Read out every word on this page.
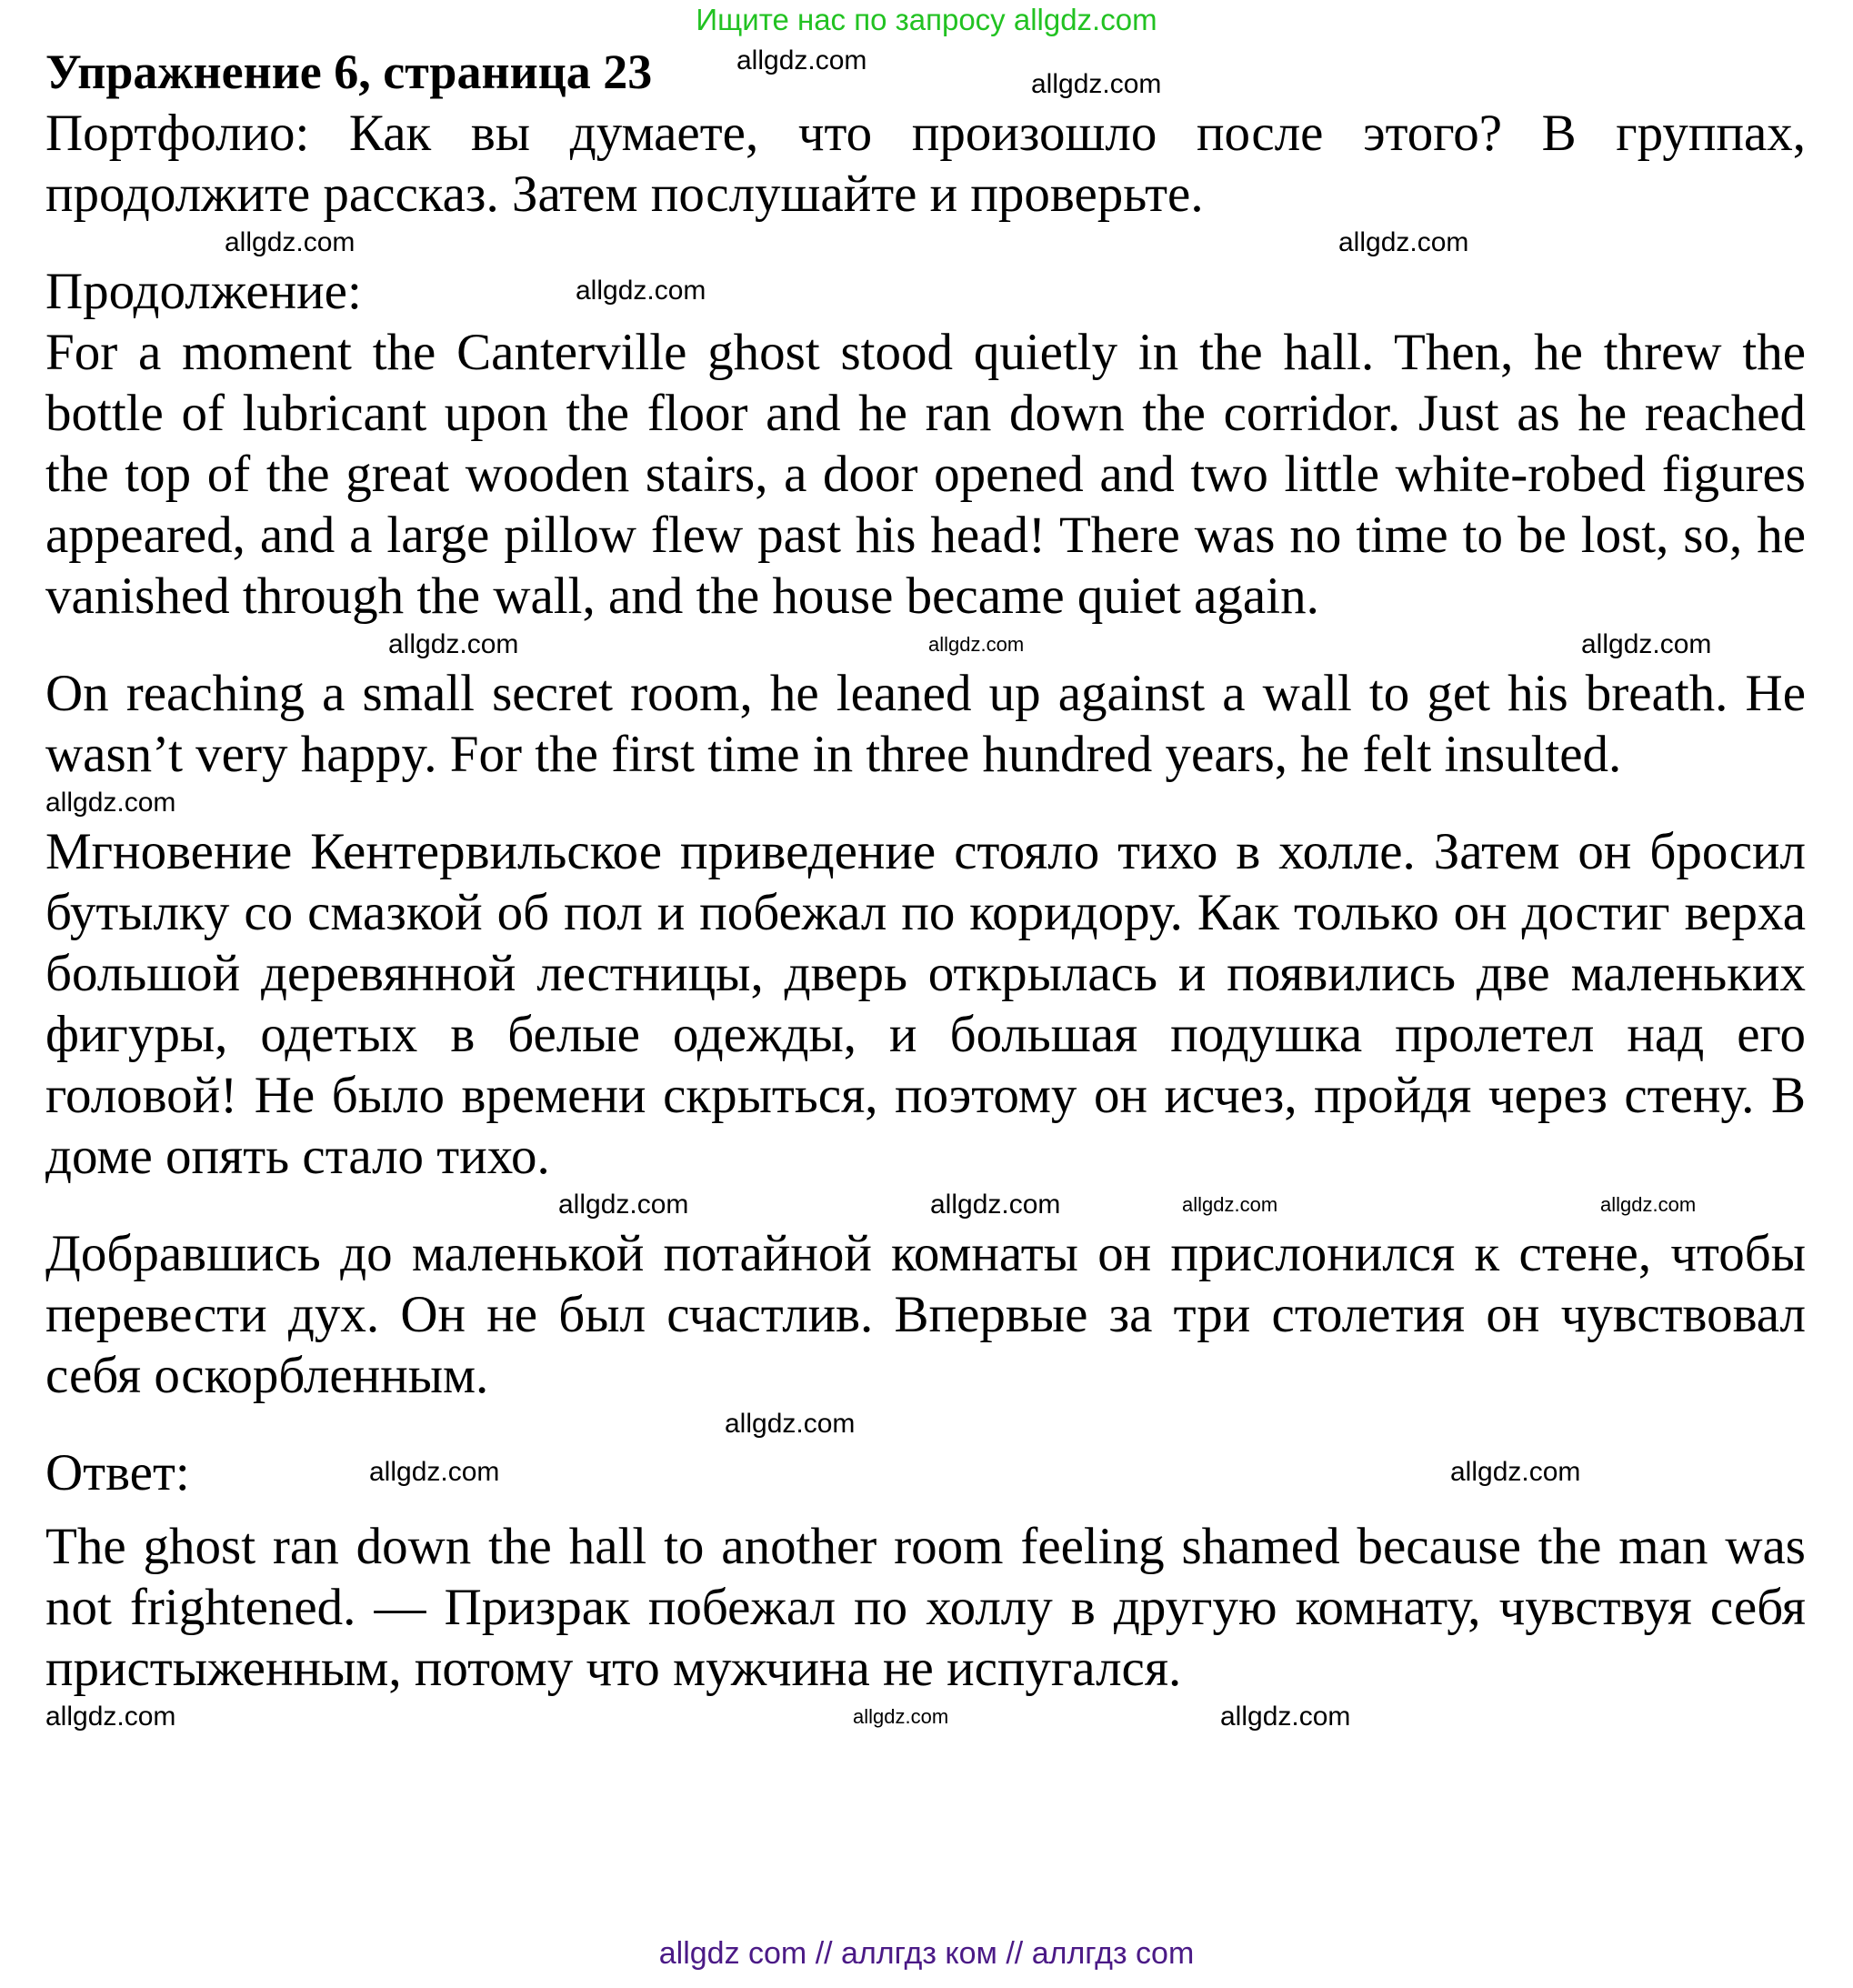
Ищите нас по запросу allgdz.com
Упражнение 6, страница 23	allgdz.com
allgdz.com

Портфолио: Как вы думаете, что произошло после этого? В группах, продолжите рассказ. Затем послушайте и проверьте.

allgdz.com	allgdz.com
Продолжение:	allgdz.com

For a moment the Canterville ghost stood quietly in the hall. Then, he threw the bottle of lubricant upon the floor and he ran down the corridor. Just as he reached the top of the great wooden stairs, a door opened and two little white-robed figures appeared, and a large pillow flew past his head! There was no time to be lost, so, he vanished through the wall, and the house became quiet again.

allgdz.com	allgdz.com	allgdz.com

On reaching a small secret room, he leaned up against a wall to get his breath. He wasn’t very happy. For the first time in three hundred years, he felt insulted.

allgdz.com

Мгновение Кентервильское приведение стояло тихо в холле. Затем он бросил бутылку со смазкой об пол и побежал по коридору. Как только он достиг верха большой деревянной лестницы, дверь открылась и появились две маленьких фигуры, одетых в белые одежды, и большая подушка пролетел над его головой! Не было времени скрыться, поэтому он исчез, пройдя через стену. В доме опять стало тихо.

allgdz.com	allgdz.com	allgdz.com	allgdz.com

Добравшись до маленькой потайной комнаты он прислонился к стене, чтобы перевести дух. Он не был счастлив. Впервые за три столетия он чувствовал себя оскорбленным.

allgdz.com
Ответ:	allgdz.com	allgdz.com

The ghost ran down the hall to another room feeling shamed because the man was not frightened. — Призрак побежал по холлу в другую комнату, чувствуя себя пристыженным, потому что мужчина не испугался.

allgdz.com	allgdz.com	allgdz.com
allgdz com // аллгдз ком // аллгдз com
